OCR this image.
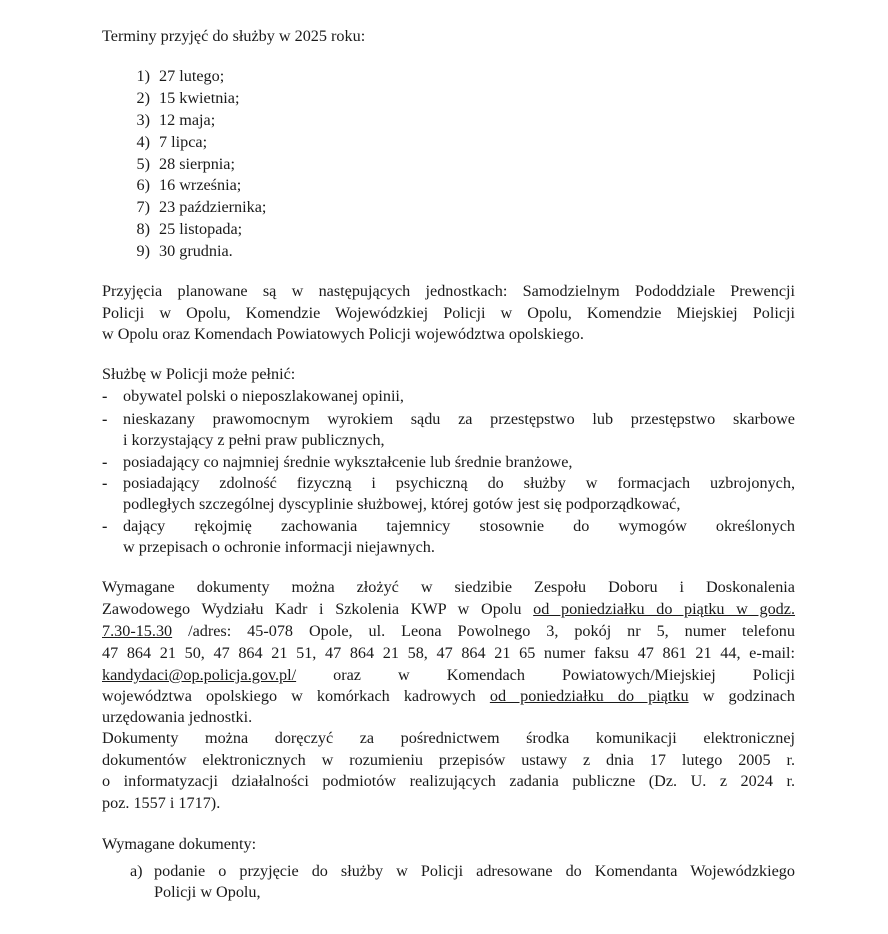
Terminy przyjęć do służby w 2025 roku:
1) 27 lutego;
2) 15 kwietnia;
3) 12 maja;
4) 7 lipca;
5) 28 sierpnia;
6) 16 września;
7) 23 października;
8) 25 listopada;
9) 30 grudnia.
Przyjęcia planowane są w następujących jednostkach: Samodzielnym Pododdziale Prewencji
Policji w Opolu, Komendzie Wojewódzkiej Policji w Opolu, Komendzie Miejskiej Policji
w Opolu oraz Komendach Powiatowych Policji województwa opolskiego.
Służbę w Policji może pełnić:
- obywatel polski o nieposzlakowanej opinii,
- nieskazany prawomocnym wyrokiem sądu za przestępstwo lub przestępstwo skarbowe
i korzystający z pełni praw publicznych,
- posiadający co najmniej średnie wykształcenie lub średnie branżowe,
- posiadający zdolność fizyczną i psychiczną do służby w formacjach uzbrojonych,
podległych szczególnej dyscyplinie służbowej, której gotów jest się podporządkować,
- dający rękojmię zachowania tajemnicy stosownie do wymogów określonych
w przepisach o ochronie informacji niejawnych.
Wymagane dokumenty można złożyć w siedzibie Zespołu Doboru i Doskonalenia
Zawodowego Wydziału Kadr i Szkolenia KWP w Opolu od poniedziałku do piątku w godz.
7.30-15.30 /adres: 45-078 Opole, ul. Leona Powolnego 3, pokój nr 5, numer telefonu
47 864 21 50, 47 864 21 51, 47 864 21 58, 47 864 21 65 numer faksu 47 861 21 44, e-mail:
kandydaci@op.policja.gov.pl/ oraz w Komendach Powiatowych/Miejskiej Policji
województwa opolskiego w komórkach kadrowych od poniedziałku do piątku w godzinach
urzędowania jednostki.
Dokumenty można doręczyć za pośrednictwem środka komunikacji elektronicznej
dokumentów elektronicznych w rozumieniu przepisów ustawy z dnia 17 lutego 2005 r.
o informatyzacji działalności podmiotów realizujących zadania publiczne (Dz. U. z 2024 r.
poz. 1557 i 1717).
Wymagane dokumenty:
a) podanie o przyjęcie do służby w Policji adresowane do Komendanta Wojewódzkiego
Policji w Opolu,
